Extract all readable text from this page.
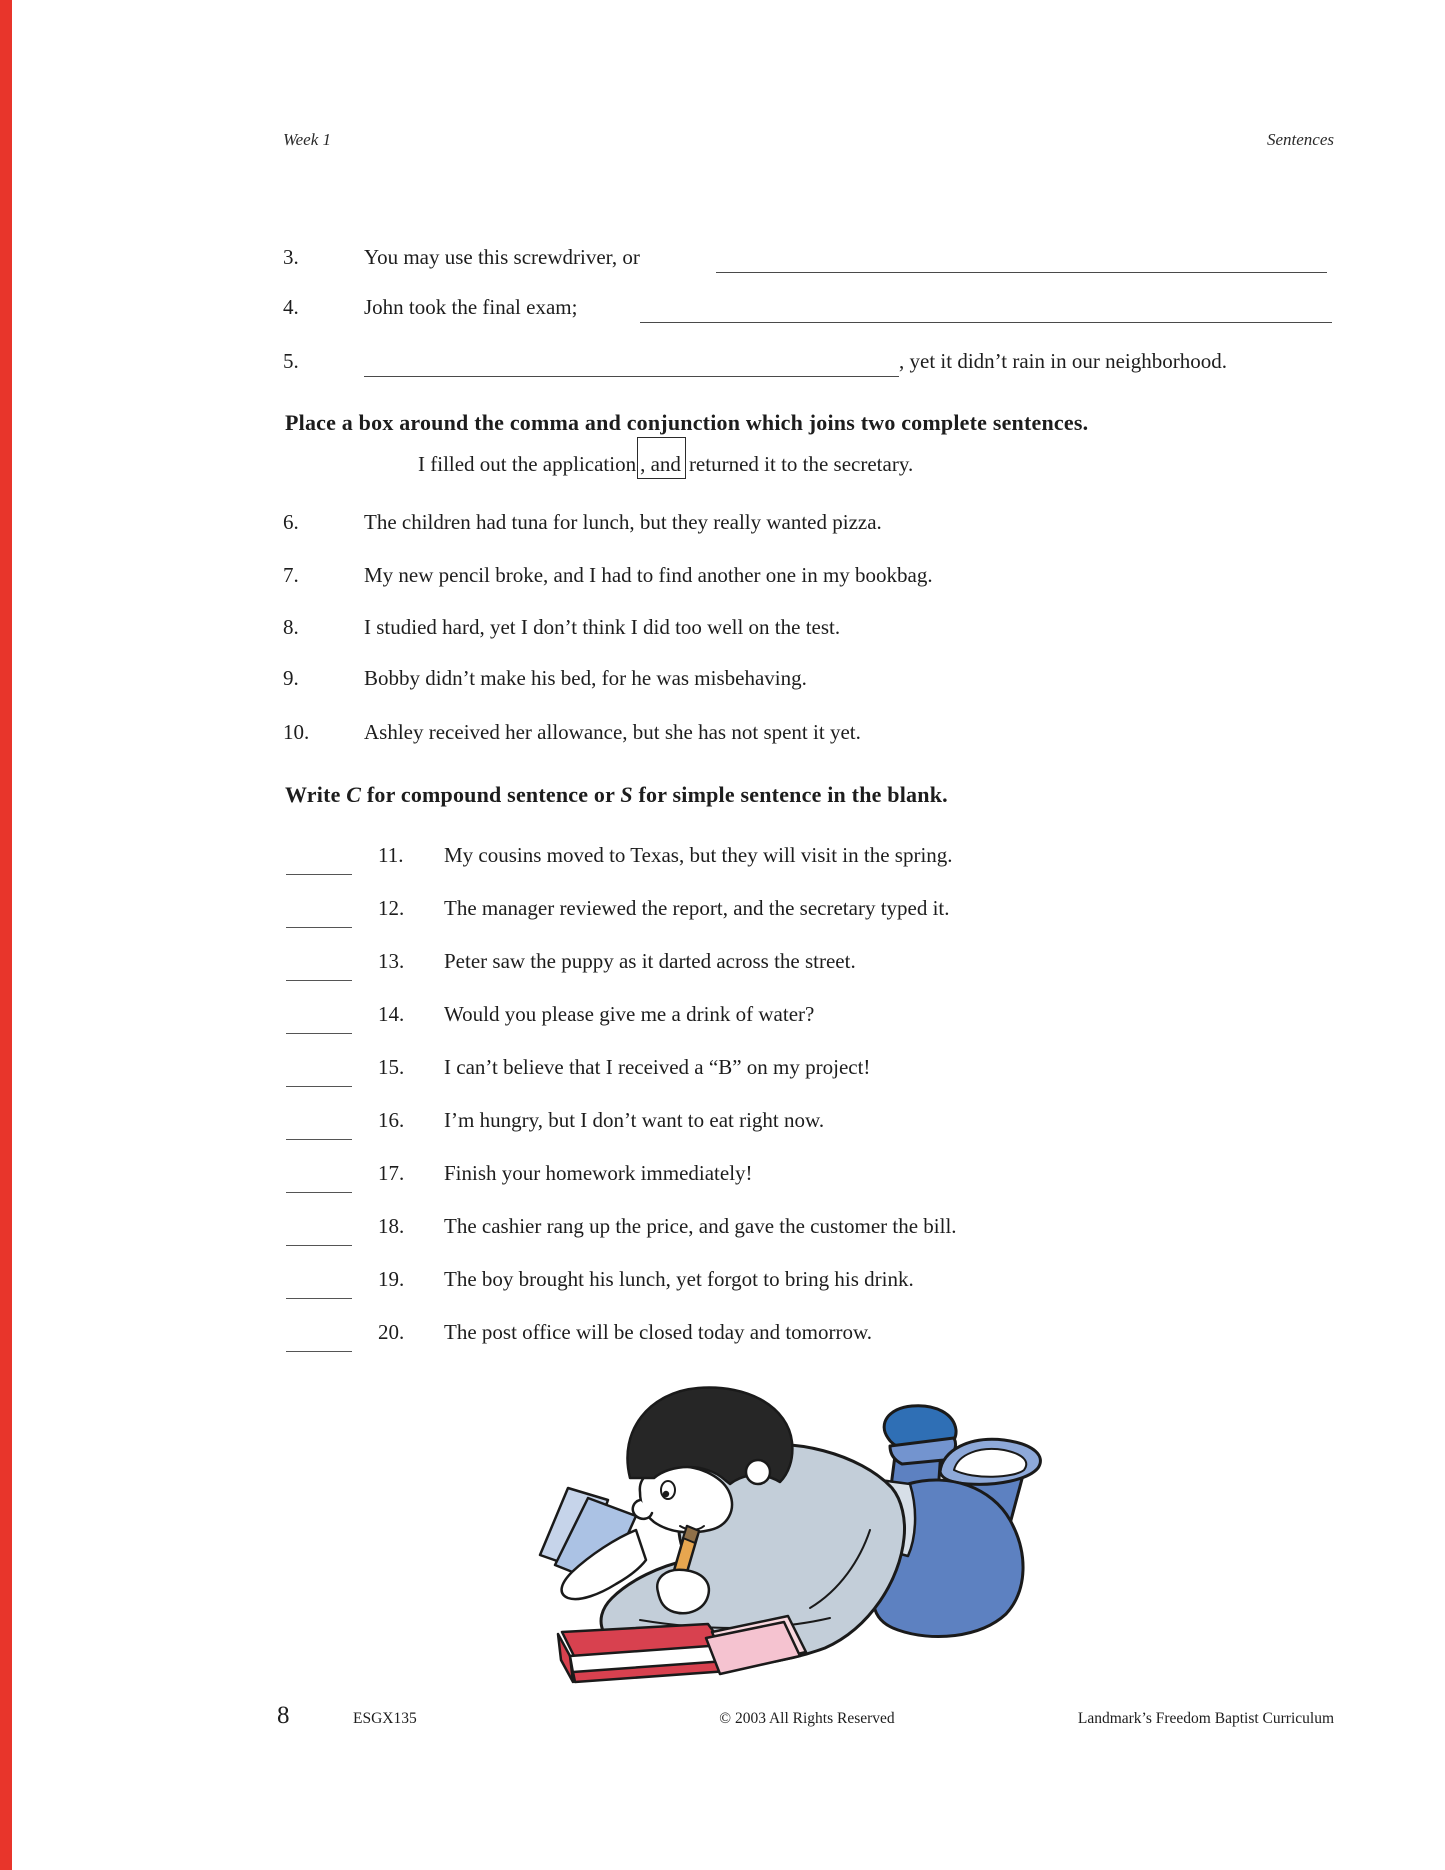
Week 1	Sentences
Place a box around the comma and conjunction which joins two complete sentences.
I filled out the application , and returned it to the secretary.
Write C for compound sentence or S for simple sentence in the blank.
8	ESGX135	© 2003 All Rights Reserved	Landmark’s Freedom Baptist Curriculum
3.	You may use this screwdriver, or
4.	John took the final exam;
5.	, yet it didn’t rain in our neighborhood.
6.	The children had tuna for lunch, but they really wanted pizza.
7.	My new pencil broke, and I had to find another one in my bookbag.
8.	I studied hard, yet I don’t think I did too well on the test.
9.	Bobby didn’t make his bed, for he was misbehaving.
10.	Ashley received her allowance, but she has not spent it yet.
11. My cousins moved to Texas, but they will visit in the spring.
12. The manager reviewed the report, and the secretary typed it.
13. Peter saw the puppy as it darted across the street.
14. Would you please give me a drink of water?
15. I can’t believe that I received a “B” on my project!
16. I’m hungry, but I don’t want to eat right now.
17. Finish your homework immediately!
18. The cashier rang up the price, and gave the customer the bill.
19. The boy brought his lunch, yet forgot to bring his drink.
20. The post office will be closed today and tomorrow.
